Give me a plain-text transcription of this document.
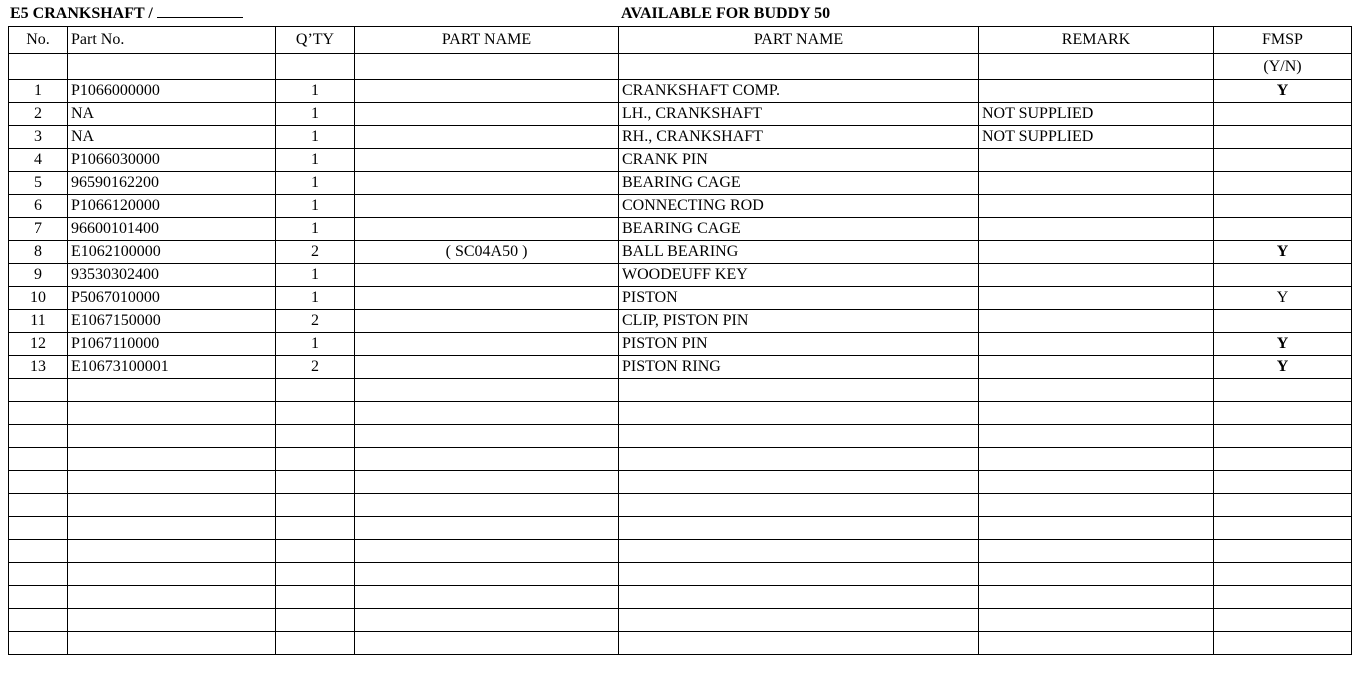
E5 CRANKSHAFT /	AVAILABLE FOR BUDDY 50
No.	Part No.	Q’TY	PART NAME	PART NAME	REMARK	FMSP
						(Y/N)
1	P1066000000	1		CRANKSHAFT COMP.		Y
2	NA	1		LH., CRANKSHAFT	NOT SUPPLIED	
3	NA	1		RH., CRANKSHAFT	NOT SUPPLIED	
4	P1066030000	1		CRANK PIN		
5	96590162200	1		BEARING CAGE		
6	P1066120000	1		CONNECTING ROD		
7	96600101400	1		BEARING CAGE		
8	E1062100000	2	( SC04A50 )	BALL BEARING		Y
9	93530302400	1		WOODEUFF KEY		
10	P5067010000	1		PISTON		Y
11	E1067150000	2		CLIP, PISTON PIN		
12	P1067110000	1		PISTON PIN		Y
13	E10673100001	2		PISTON RING		Y
